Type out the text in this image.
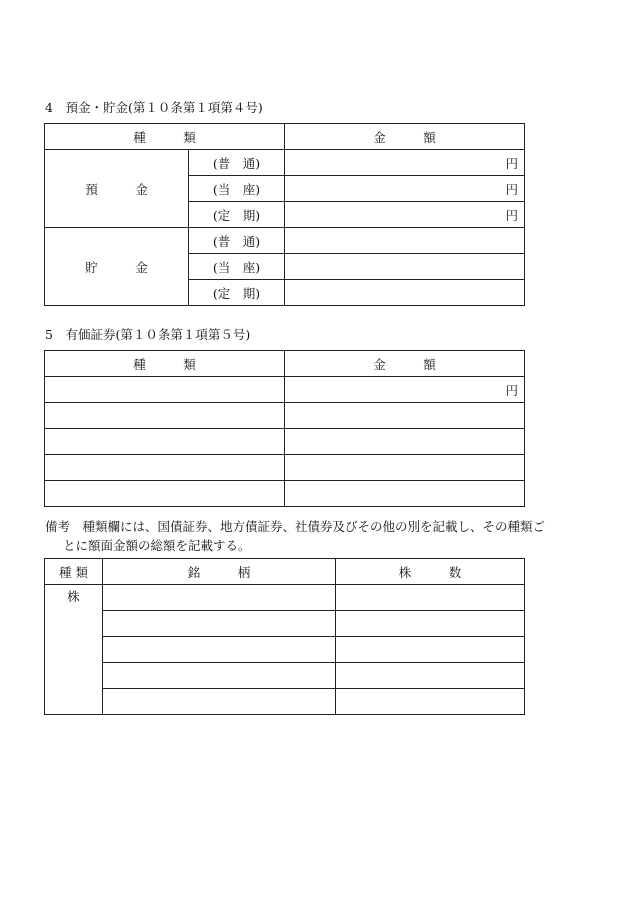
4　預金・貯金(第１０条第１項第４号)
種　　　類		金　　　額
預　　　金	(普　通)	円
	(当　座)	円
	(定　期)	円
貯　　　金	(普　通)	
	(当　座)	
	(定　期)	
5　有価証券(第１０条第１項第５号)
種　　　類	金　　　額
	円

備考　種類欄には、国債証券、地方債証券、社債券及びその他の別を記載し、その種類ご
とに額面金額の総額を記載する。
種 類	銘　　　柄	株　　　数
株		
